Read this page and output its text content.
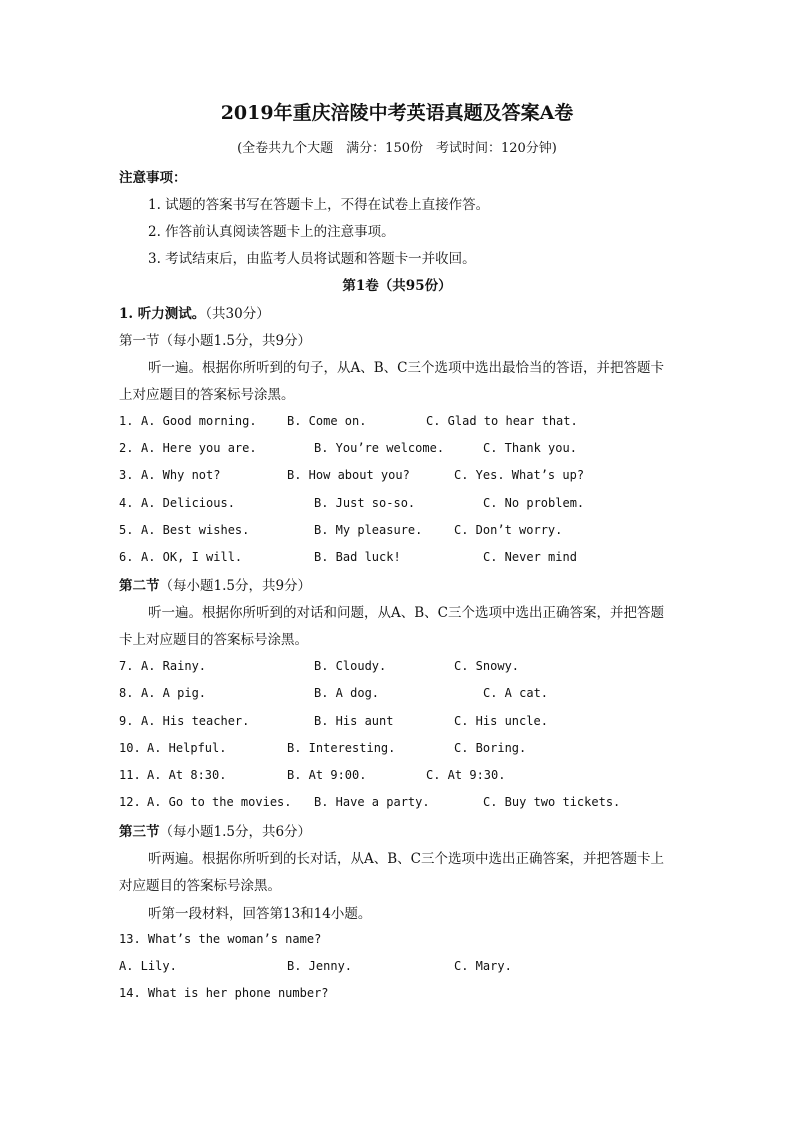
2019年重庆涪陵中考英语真题及答案A卷
(全卷共九个大题　满分：150份　考试时间：120分钟)
注意事项：
1. 试题的答案书写在答题卡上，不得在试卷上直接作答。
2. 作答前认真阅读答题卡上的注意事项。
3. 考试结束后，由监考人员将试题和答题卡一并收回。
第1卷（共95份）
1. 听力测试。（共30分）
第一节（每小题1.5分，共9分）
听一遍。根据你所听到的句子，从A、B、C三个选项中选出最恰当的答语，并把答题卡
上对应题目的答案标号涂黑。
1. A. Good morning.	B. Come on.	C. Glad to hear that.
2. A. Here you are.	B. You’re welcome.	C. Thank you.
3. A. Why not?	B. How about you?	C. Yes. What’s up?
4. A. Delicious.	B. Just so-so.	C. No problem.
5. A. Best wishes.	B. My pleasure.	C. Don’t worry.
6. A. OK, I will.	B. Bad luck!	C. Never mind
第二节（每小题1.5分，共9分）
听一遍。根据你所听到的对话和问题，从A、B、C三个选项中选出正确答案，并把答题
卡上对应题目的答案标号涂黑。
7. A. Rainy.	B. Cloudy.	C. Snowy.
8. A. A pig.	B. A dog.	C. A cat.
9. A. His teacher.	B. His aunt	C. His uncle.
10. A. Helpful.	B. Interesting.	C. Boring.
11. A. At 8:30.	B. At 9:00.	C. At 9:30.
12. A. Go to the movies. B. Have a party.	C. Buy two tickets.
第三节（每小题1.5分，共6分）
听两遍。根据你所听到的长对话，从A、B、C三个选项中选出正确答案，并把答题卡上
对应题目的答案标号涂黑。
听第一段材料，回答第13和14小题。
13. What’s the woman’s name?
A. Lily.	B. Jenny.	C. Mary.
14. What is her phone number?
